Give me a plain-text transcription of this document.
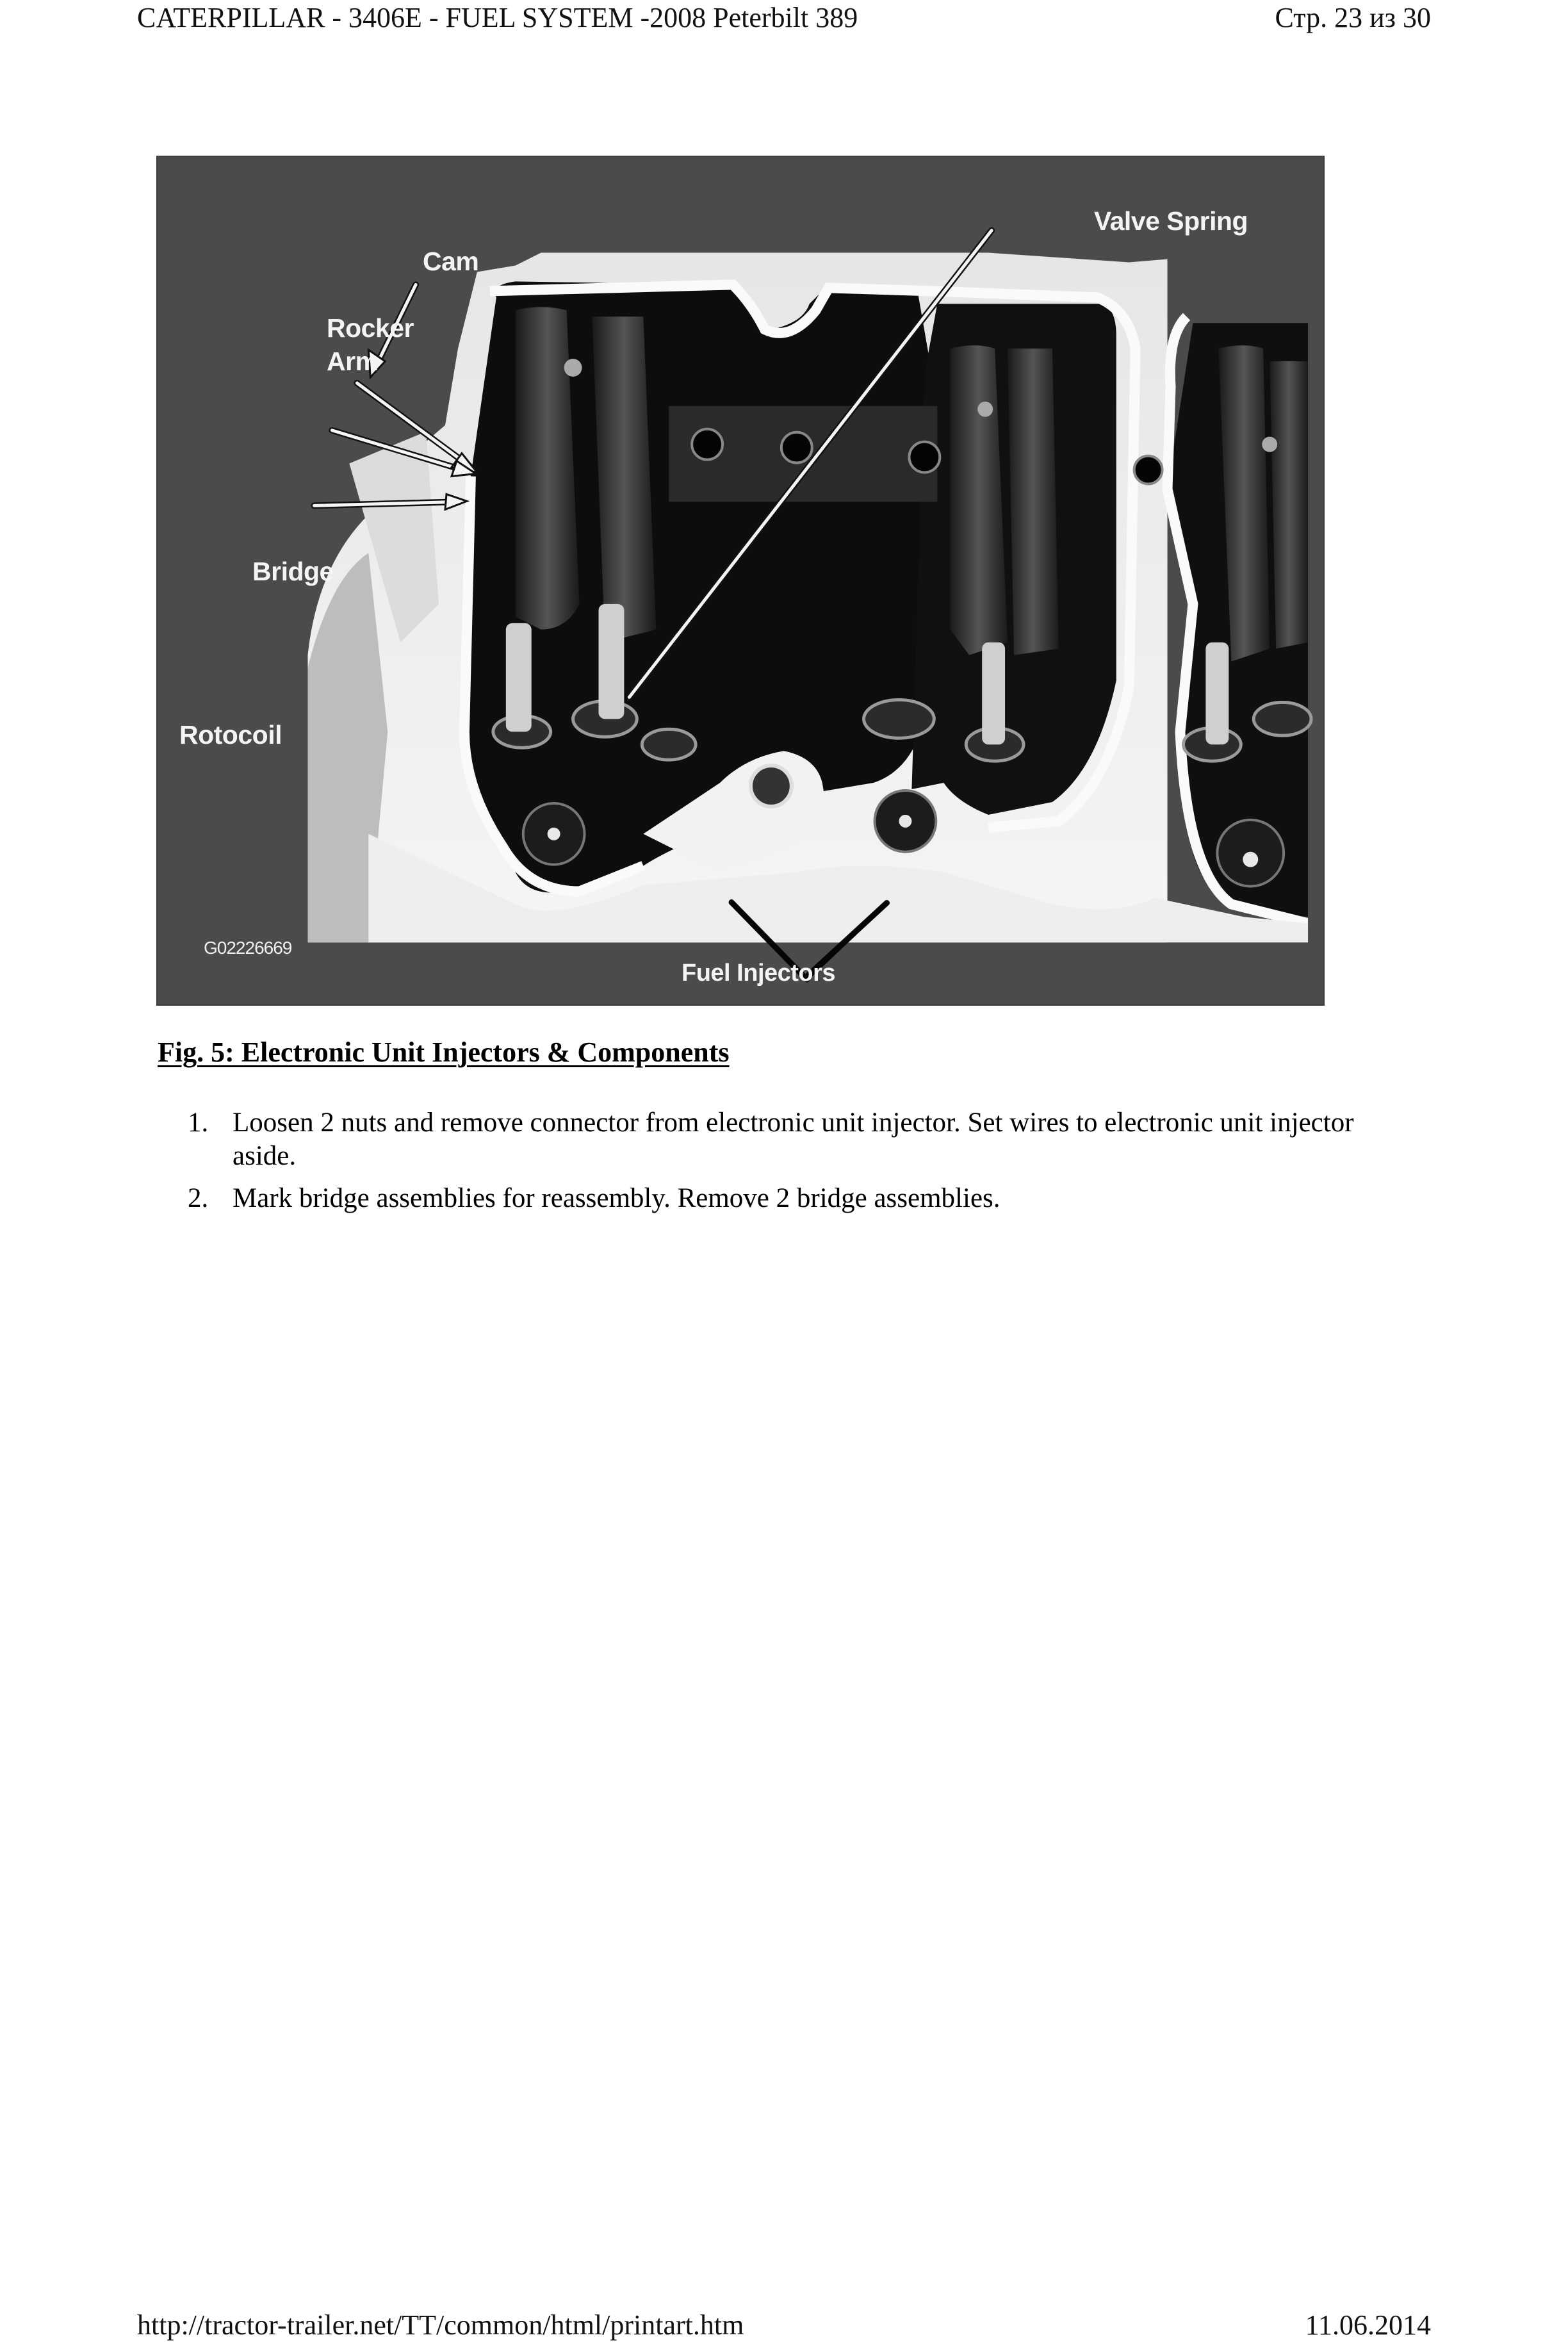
CATERPILLAR - 3406E - FUEL SYSTEM -2008 Peterbilt 389	Стр. 23 из 30
Cam
Rocker
Arm
Bridge
Rotocoil
Valve Spring
Fuel Injectors
G02226669
Fig. 5: Electronic Unit Injectors & Components
1. Loosen 2 nuts and remove connector from electronic unit injector. Set wires to electronic unit injector aside.
2. Mark bridge assemblies for reassembly. Remove 2 bridge assemblies.
http://tractor-trailer.net/TT/common/html/printart.htm	11.06.2014
